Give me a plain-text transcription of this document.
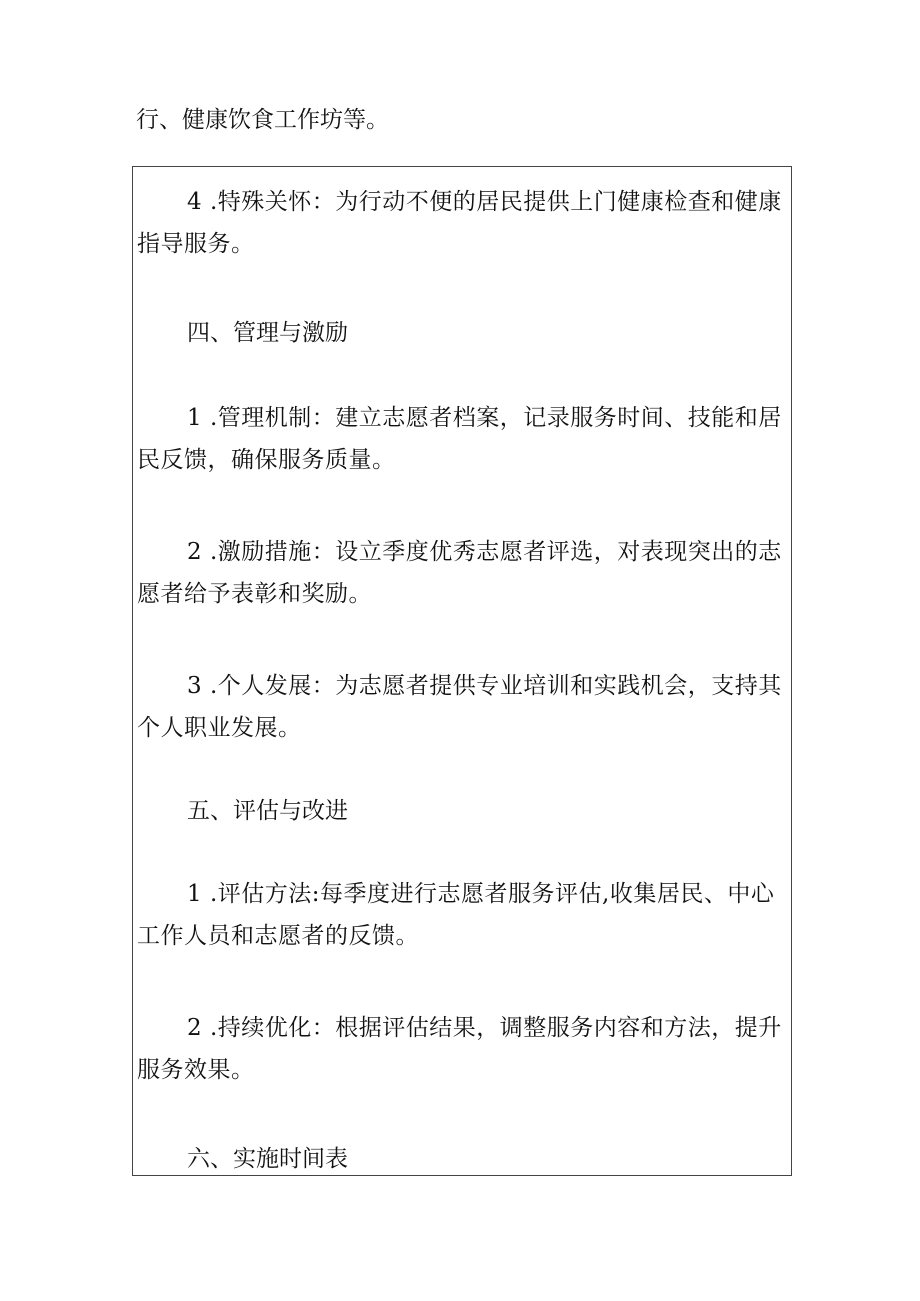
行、健康饮食工作坊等。

4 .特殊关怀：为行动不便的居民提供上门健康检查和健康指导服务。

四、管理与激励

1 .管理机制：建立志愿者档案，记录服务时间、技能和居民反馈，确保服务质量。

2 .激励措施：设立季度优秀志愿者评选，对表现突出的志愿者给予表彰和奖励。

3 .个人发展：为志愿者提供专业培训和实践机会，支持其个人职业发展。

五、评估与改进

1 .评估方法:每季度进行志愿者服务评估,收集居民、中心工作人员和志愿者的反馈。

2 .持续优化：根据评估结果，调整服务内容和方法，提升服务效果。

六、实施时间表
